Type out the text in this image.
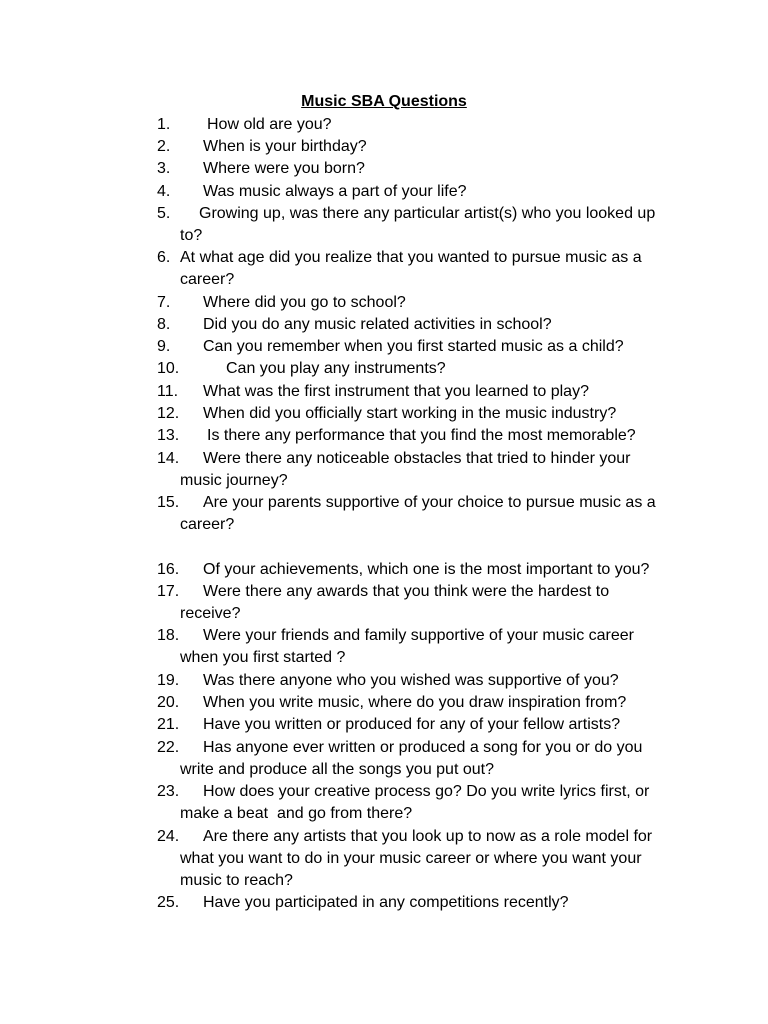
Music SBA Questions
1. How old are you?
2. When is your birthday?
3. Where were you born?
4. Was music always a part of your life?
5. Growing up, was there any particular artist(s) who you looked up
to?
6. At what age did you realize that you wanted to pursue music as a
career?
7. Where did you go to school?
8. Did you do any music related activities in school?
9. Can you remember when you first started music as a child?
10.	Can you play any instruments?
11. What was the first instrument that you learned to play?
12. When did you officially start working in the music industry?
13. Is there any performance that you find the most memorable?
14. Were there any noticeable obstacles that tried to hinder your
music journey?
15. Are your parents supportive of your choice to pursue music as a
career?
16. Of your achievements, which one is the most important to you?
17. Were there any awards that you think were the hardest to
receive?
18. Were your friends and family supportive of your music career
when you first started ?
19. Was there anyone who you wished was supportive of you?
20. When you write music, where do you draw inspiration from?
21. Have you written or produced for any of your fellow artists?
22. Has anyone ever written or produced a song for you or do you
write and produce all the songs you put out?
23. How does your creative process go? Do you write lyrics first, or
make a beat  and go from there?
24. Are there any artists that you look up to now as a role model for
what you want to do in your music career or where you want your
music to reach?
25. Have you participated in any competitions recently?
